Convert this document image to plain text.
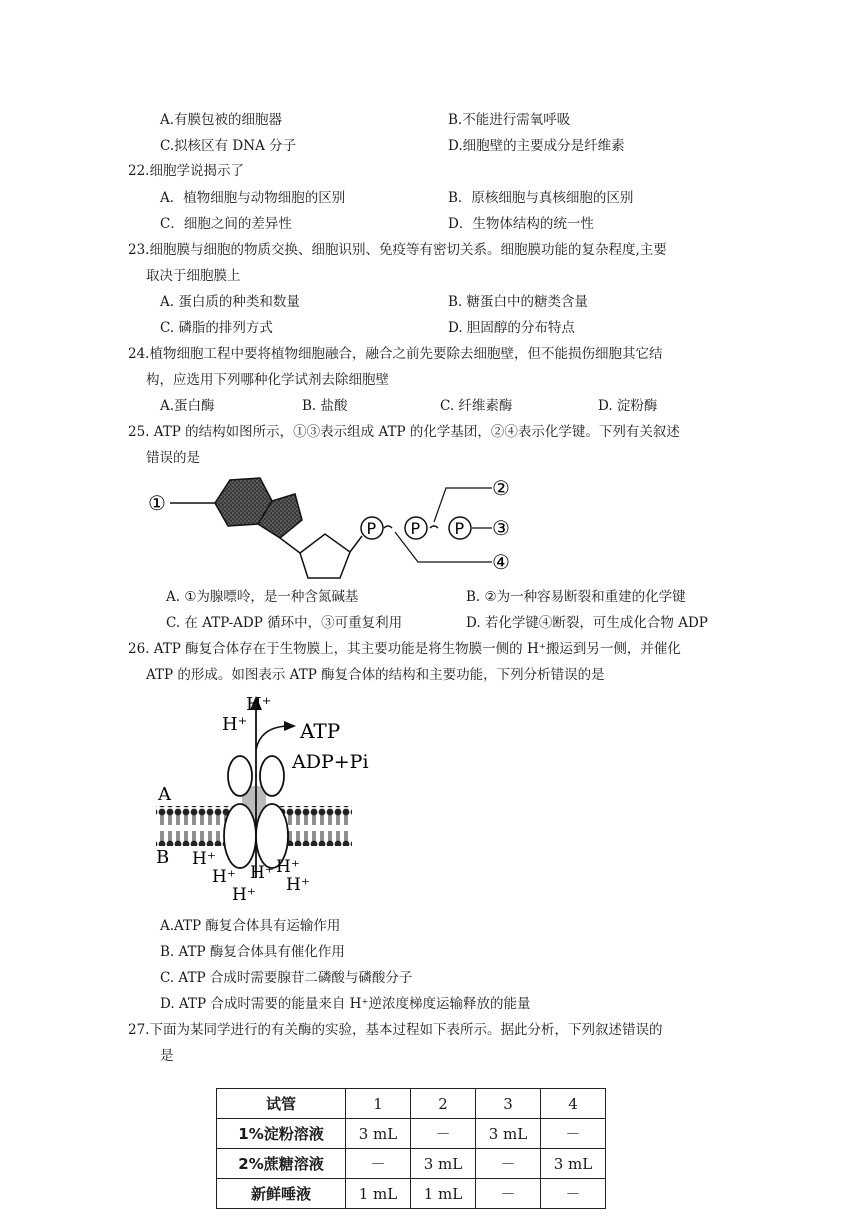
A.有膜包被的细胞器	B.不能进行需氧呼吸
C.拟核区有 DNA 分子	D.细胞壁的主要成分是纤维素
22.细胞学说揭示了
A．植物细胞与动物细胞的区别	B．原核细胞与真核细胞的区别
C．细胞之间的差异性	D．生物体结构的统一性
23.细胞膜与细胞的物质交换、细胞识别、免疫等有密切关系。细胞膜功能的复杂程度,主要
取决于细胞膜上
A. 蛋白质的种类和数量	B. 糖蛋白中的糖类含量
C. 磷脂的排列方式	D. 胆固醇的分布特点
24.植物细胞工程中要将植物细胞融合，融合之前先要除去细胞壁，但不能损伤细胞其它结
构，应选用下列哪种化学试剂去除细胞壁
A.蛋白酶	B. 盐酸	C. 纤维素酶	D. 淀粉酶
25. ATP 的结构如图所示，①③表示组成 ATP 的化学基团，②④表示化学键。下列有关叙述
错误的是
①
P P P
②
③
④
A. ①为腺嘌呤，是一种含氮碱基	B. ②为一种容易断裂和重建的化学键
C. 在 ATP-ADP 循环中，③可重复利用	D. 若化学键④断裂，可生成化合物 ADP
26. ATP 酶复合体存在于生物膜上，其主要功能是将生物膜一侧的 H⁺搬运到另一侧，并催化
ATP 的形成。如图表示 ATP 酶复合体的结构和主要功能，下列分析错误的是
A
B
H⁺
H⁺	ATP
ADP+Pi
H⁺
H⁺ H⁺ H⁺
H⁺ H⁺
A.ATP 酶复合体具有运输作用
B. ATP 酶复合体具有催化作用
C. ATP 合成时需要腺苷二磷酸与磷酸分子
D. ATP 合成时需要的能量来自 H⁺逆浓度梯度运输释放的能量
27.下面为某同学进行的有关酶的实验，基本过程如下表所示。据此分析，下列叙述错误的
是
试管	1	2	3	4
1%淀粉溶液	3 mL	－	3 mL	－
2%蔗糖溶液	－	3 mL	－	3 mL
新鲜唾液	1 mL	1 mL	－	－
